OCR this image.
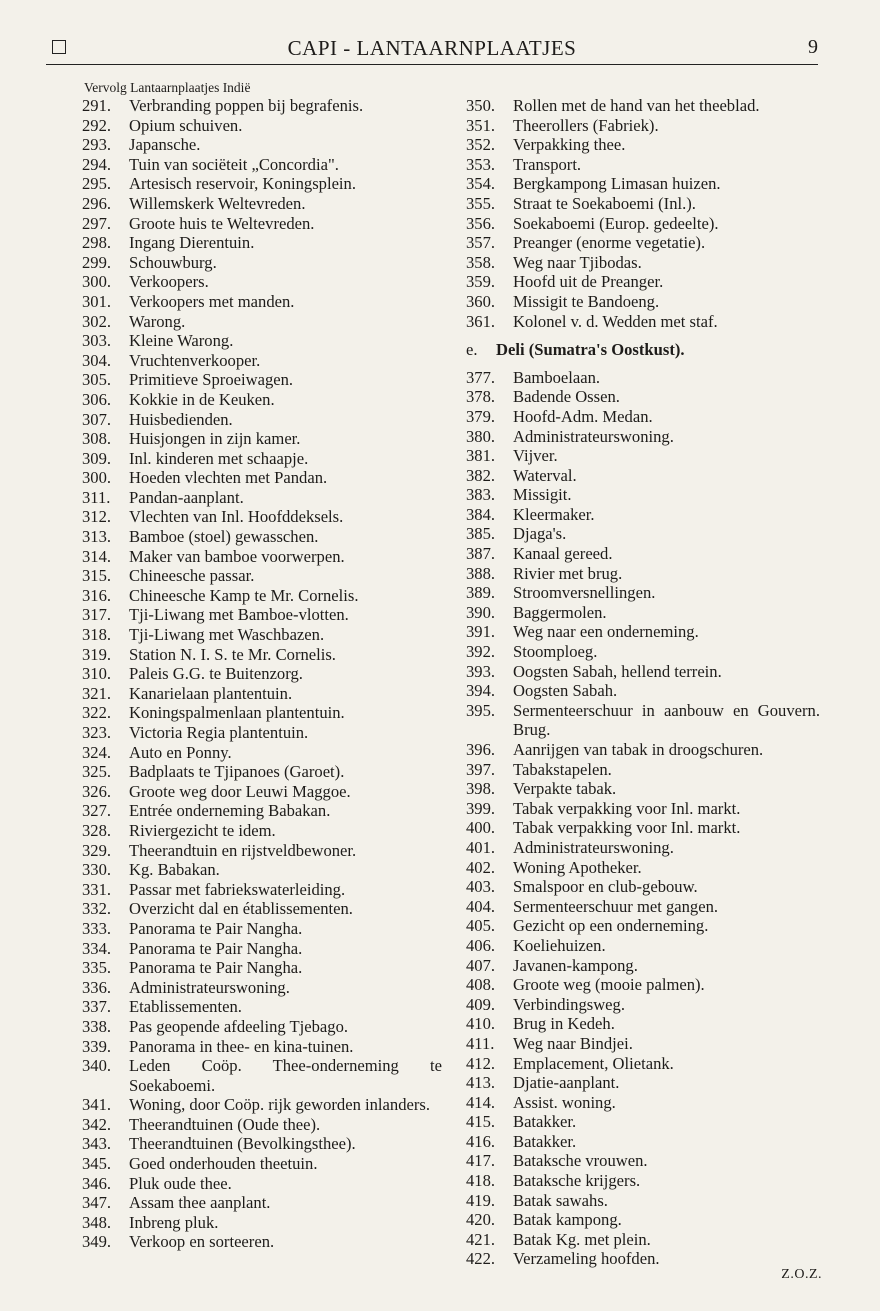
CAPI - LANTAARNPLAATJES	9
Vervolg Lantaarnplaatjes Indië
291.	Verbranding poppen bij begrafenis.
292.	Opium schuiven.
293.	Japansche.
294.	Tuin van sociëteit „Concordia".
295.	Artesisch reservoir, Koningsplein.
296.	Willemskerk Weltevreden.
297.	Groote huis te Weltevreden.
298.	Ingang Dierentuin.
299.	Schouwburg.
300.	Verkoopers.
301.	Verkoopers met manden.
302.	Warong.
303.	Kleine Warong.
304.	Vruchtenverkooper.
305.	Primitieve Sproeiwagen.
306.	Kokkie in de Keuken.
307.	Huisbedienden.
308.	Huisjongen in zijn kamer.
309.	Inl. kinderen met schaapje.
300.	Hoeden vlechten met Pandan.
311.	Pandan-aanplant.
312.	Vlechten van Inl. Hoofddeksels.
313.	Bamboe (stoel) gewasschen.
314.	Maker van bamboe voorwerpen.
315.	Chineesche passar.
316.	Chineesche Kamp te Mr. Cornelis.
317.	Tji-Liwang met Bamboe-vlotten.
318.	Tji-Liwang met Waschbazen.
319.	Station N. I. S. te Mr. Cornelis.
310.	Paleis G.G. te Buitenzorg.
321.	Kanarielaan plantentuin.
322.	Koningspalmenlaan plantentuin.
323.	Victoria Regia plantentuin.
324.	Auto en Ponny.
325.	Badplaats te Tjipanoes (Garoet).
326.	Groote weg door Leuwi Maggoe.
327.	Entrée onderneming Babakan.
328.	Riviergezicht te idem.
329.	Theerandtuin en rijstveldbewoner.
330.	Kg. Babakan.
331.	Passar met fabriekswaterleiding.
332.	Overzicht dal en établissementen.
333.	Panorama te Pair Nangha.
334.	Panorama te Pair Nangha.
335.	Panorama te Pair Nangha.
336.	Administrateurswoning.
337.	Etablissementen.
338.	Pas geopende afdeeling Tjebago.
339.	Panorama in thee- en kina-tuinen.
340.	Leden Coöp. Thee-onderneming te Soekaboemi.
341.	Woning, door Coöp. rijk geworden inlanders.
342.	Theerandtuinen (Oude thee).
343.	Theerandtuinen (Bevolkingsthee).
345.	Goed onderhouden theetuin.
346.	Pluk oude thee.
347.	Assam thee aanplant.
348.	Inbreng pluk.
349.	Verkoop en sorteeren.
350.	Rollen met de hand van het theeblad.
351.	Theerollers (Fabriek).
352.	Verpakking thee.
353.	Transport.
354.	Bergkampong Limasan huizen.
355.	Straat te Soekaboemi (Inl.).
356.	Soekaboemi (Europ. gedeelte).
357.	Preanger (enorme vegetatie).
358.	Weg naar Tjibodas.
359.	Hoofd uit de Preanger.
360.	Missigit te Bandoeng.
361.	Kolonel v. d. Wedden met staf.
e. Deli (Sumatra's Oostkust).
377.	Bamboelaan.
378.	Badende Ossen.
379.	Hoofd-Adm. Medan.
380.	Administrateurswoning.
381.	Vijver.
382.	Waterval.
383.	Missigit.
384.	Kleermaker.
385.	Djaga's.
387.	Kanaal gereed.
388.	Rivier met brug.
389.	Stroomversnellingen.
390.	Baggermolen.
391.	Weg naar een onderneming.
392.	Stoomploeg.
393.	Oogsten Sabah, hellend terrein.
394.	Oogsten Sabah.
395.	Sermenteerschuur in aanbouw en Gouvern. Brug.
396.	Aanrijgen van tabak in droogschuren.
397.	Tabakstapelen.
398.	Verpakte tabak.
399.	Tabak verpakking voor Inl. markt.
400.	Tabak verpakking voor Inl. markt.
401.	Administrateurswoning.
402.	Woning Apotheker.
403.	Smalspoor en club-gebouw.
404.	Sermenteerschuur met gangen.
405.	Gezicht op een onderneming.
406.	Koeliehuizen.
407.	Javanen-kampong.
408.	Groote weg (mooie palmen).
409.	Verbindingsweg.
410.	Brug in Kedeh.
411.	Weg naar Bindjei.
412.	Emplacement, Olietank.
413.	Djatie-aanplant.
414.	Assist. woning.
415.	Batakker.
416.	Batakker.
417.	Bataksche vrouwen.
418.	Bataksche krijgers.
419.	Batak sawahs.
420.	Batak kampong.
421.	Batak Kg. met plein.
422.	Verzameling hoofden.
Z.O.Z.
